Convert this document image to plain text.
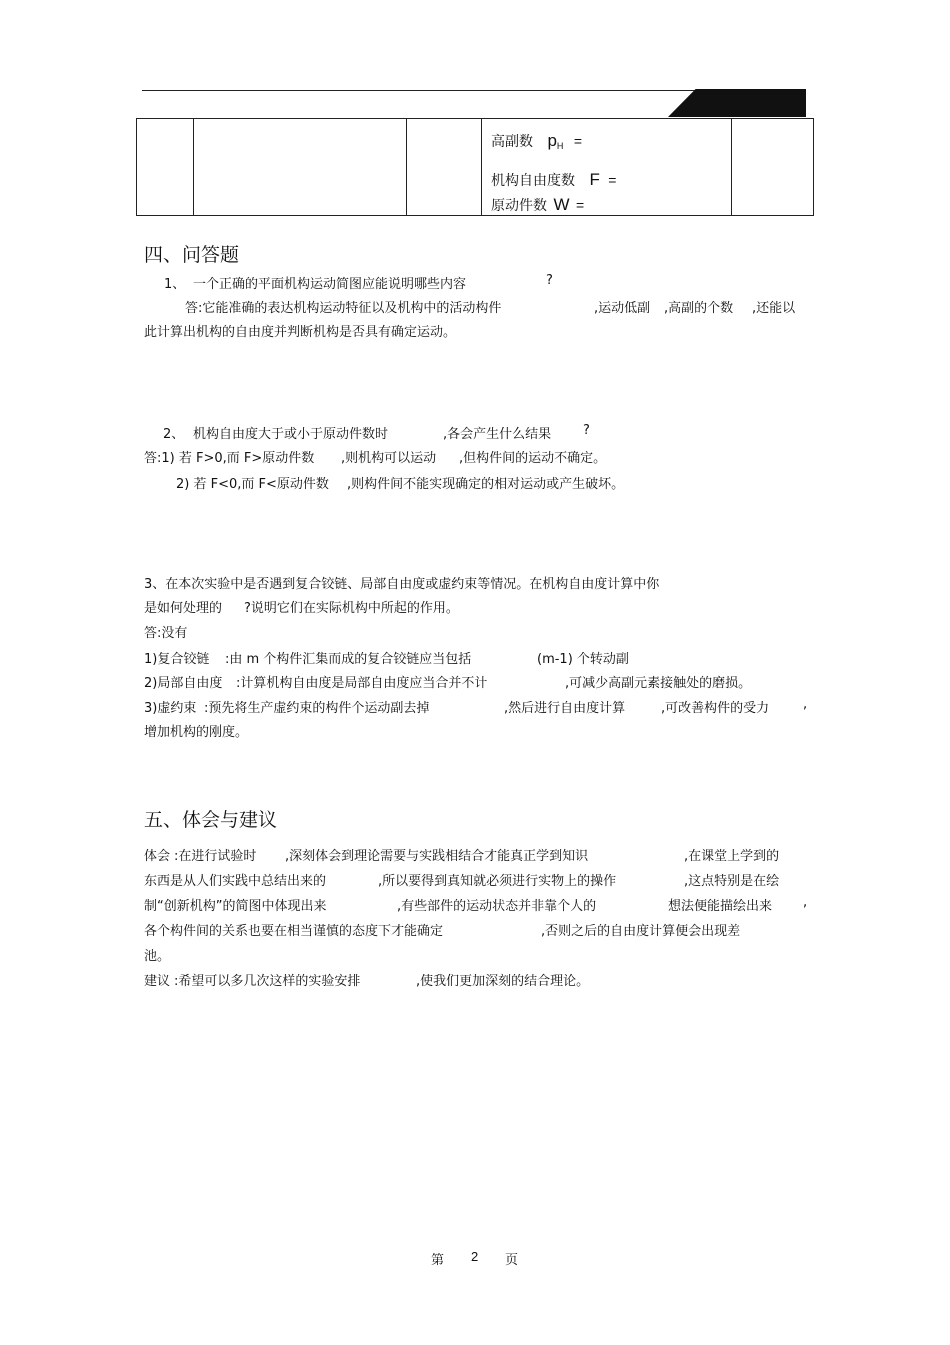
高副数 $p_H$ =
机构自由度数 F =
原动件数 W =
四、问答题
1、 一个正确的平面机构运动简图应能说明哪些内容	?
答:它能准确的表达机构运动特征以及机构中的活动构件	,运动低副 ,高副的个数 ,还能以
此计算出机构的自由度并判断机构是否具有确定运动。
2、 机构自由度大于或小于原动件数时	,各会产生什么结果 ?
答:1) 若 F>0,而 F>原动件数 ,则机构可以运动 ,但构件间的运动不确定。
2) 若 F<0,而 F<原动件数 ,则构件间不能实现确定的相对运动或产生破坏。
3、在本次实验中是否遇到复合铰链、局部自由度或虚约束等情况。在机构自由度计算中你
是如何处理的 ?说明它们在实际机构中所起的作用。
答:没有
1)复合铰链 :由 m 个构件汇集而成的复合铰链应当包括	(m-1) 个转动副
2)局部自由度 :计算机构自由度是局部自由度应当合并不计	,可减少高副元素接触处的磨损。
3)虚约束 :预先将生产虚约束的构件个运动副去掉	,然后进行自由度计算	,可改善构件的受力	,
增加机构的刚度。
五、体会与建议
体会 :在进行试验时 ,深刻体会到理论需要与实践相结合才能真正学到知识	,在课堂上学到的
东西是从人们实践中总结出来的	,所以要得到真知就必须进行实物上的操作	,这点特别是在绘
制“创新机构”的简图中体现出来	,有些部件的运动状态并非靠个人的	想法便能描绘出来 ,
各个构件间的关系也要在相当谨慎的态度下才能确定	,否则之后的自由度计算便会出现差
池。
建议 :希望可以多几次这样的实验安排	,使我们更加深刻的结合理论。
第 2 页
